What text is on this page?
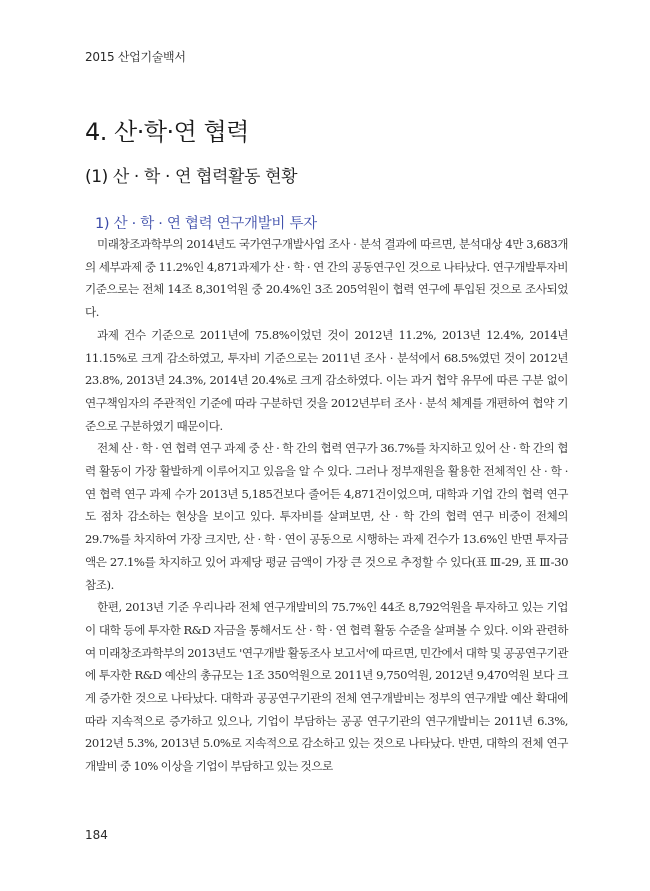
2015 산업기술백서
4. 산·학·연 협력
(1) 산 · 학 · 연 협력활동 현황
1) 산 · 학 · 연 협력 연구개발비 투자

미래창조과학부의 2014년도 국가연구개발사업 조사 · 분석 결과에 따르면, 분석대상 4만 3,683개의 세부과제 중 11.2%인 4,871과제가 산 · 학 · 연 간의 공동연구인 것으로 나타났다. 연구개발투자비 기준으로는 전체 14조 8,301억원 중 20.4%인 3조 205억원이 협력 연구에 투입된 것으로 조사되었다.

과제 건수 기준으로 2011년에 75.8%이었던 것이 2012년 11.2%, 2013년 12.4%, 2014년 11.15%로 크게 감소하였고, 투자비 기준으로는 2011년 조사 · 분석에서 68.5%였던 것이 2012년 23.8%, 2013년 24.3%, 2014년 20.4%로 크게 감소하였다. 이는 과거 협약 유무에 따른 구분 없이 연구책임자의 주관적인 기준에 따라 구분하던 것을 2012년부터 조사 · 분석 체계를 개편하여 협약 기준으로 구분하였기 때문이다.

전체 산 · 학 · 연 협력 연구 과제 중 산 · 학 간의 협력 연구가 36.7%를 차지하고 있어 산 · 학 간의 협력 활동이 가장 활발하게 이루어지고 있음을 알 수 있다. 그러나 정부재원을 활용한 전체적인 산 · 학 · 연 협력 연구 과제 수가 2013년 5,185건보다 줄어든 4,871건이었으며, 대학과 기업 간의 협력 연구도 점차 감소하는 현상을 보이고 있다. 투자비를 살펴보면, 산 · 학 간의 협력 연구 비중이 전체의 29.7%를 차지하여 가장 크지만, 산 · 학 · 연이 공동으로 시행하는 과제 건수가 13.6%인 반면 투자금액은 27.1%를 차지하고 있어 과제당 평균 금액이 가장 큰 것으로 추정할 수 있다(표 Ⅲ-29, 표 Ⅲ-30 참조).

한편, 2013년 기준 우리나라 전체 연구개발비의 75.7%인 44조 8,792억원을 투자하고 있는 기업이 대학 등에 투자한 R&D 자금을 통해서도 산 · 학 · 연 협력 활동 수준을 살펴볼 수 있다. 이와 관련하여 미래창조과학부의 2013년도 '연구개발 활동조사 보고서'에 따르면, 민간에서 대학 및 공공연구기관에 투자한 R&D 예산의 총규모는 1조 350억원으로 2011년 9,750억원, 2012년 9,470억원 보다 크게 증가한 것으로 나타났다. 대학과 공공연구기관의 전체 연구개발비는 정부의 연구개발 예산 확대에 따라 지속적으로 증가하고 있으나, 기업이 부담하는 공공 연구기관의 연구개발비는 2011년 6.3%, 2012년 5.3%, 2013년 5.0%로 지속적으로 감소하고 있는 것으로 나타났다. 반면, 대학의 전체 연구개발비 중 10% 이상을 기업이 부담하고 있는 것으로

184
